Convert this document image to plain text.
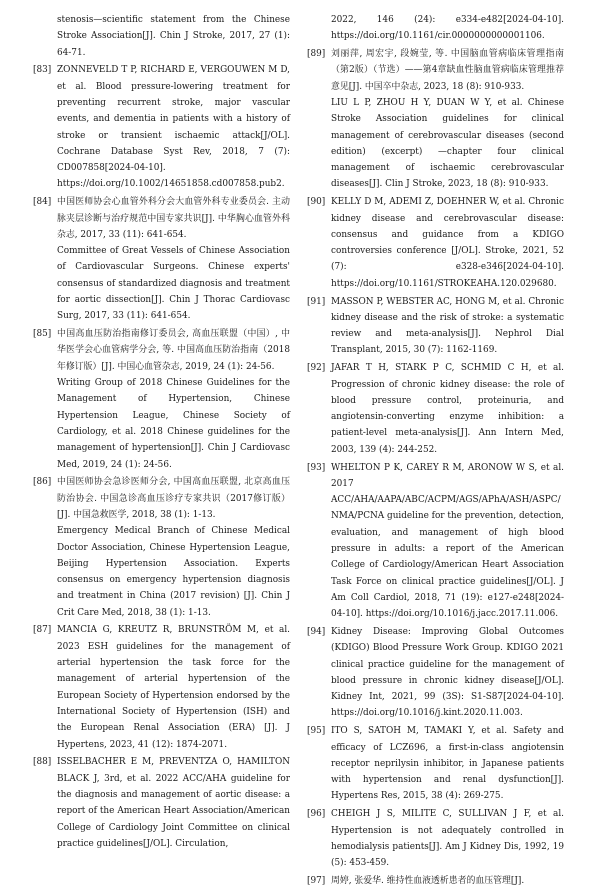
stenosis—scientific statement from the Chinese Stroke Association[J]. Chin J Stroke, 2017, 27 (1): 64-71.
[83] ZONNEVELD T P, RICHARD E, VERGOUWEN M D, et al. Blood pressure-lowering treatment for preventing recurrent stroke, major vascular events, and dementia in patients with a history of stroke or transient ischaemic attack[J/OL]. Cochrane Database Syst Rev, 2018, 7 (7): CD007858[2024-04-10]. https://doi.org/10.1002/14651858.cd007858.pub2.
[84] 中国医师协会心血管外科分会大血管外科专业委员会. 主动脉夹层诊断与治疗规范中国专家共识[J]. 中华胸心血管外科杂志, 2017, 33 (11): 641-654.
Committee of Great Vessels of Chinese Association of Cardiovascular Surgeons. Chinese experts' consensus of standardized diagnosis and treatment for aortic dissection[J]. Chin J Thorac Cardiovasc Surg, 2017, 33 (11): 641-654.
[85] 中国高血压防治指南修订委员会, 高血压联盟（中国）, 中华医学会心血管病学分会, 等. 中国高血压防治指南（2018年修订版）[J]. 中国心血管杂志, 2019, 24 (1): 24-56.
Writing Group of 2018 Chinese Guidelines for the Management of Hypertension, Chinese Hypertension League, Chinese Society of Cardiology, et al. 2018 Chinese guidelines for the management of hypertension[J]. Chin J Cardiovasc Med, 2019, 24 (1): 24-56.
[86] 中国医师协会急诊医师分会, 中国高血压联盟, 北京高血压防治协会. 中国急诊高血压诊疗专家共识（2017修订版）[J]. 中国急救医学, 2018, 38 (1): 1-13.
Emergency Medical Branch of Chinese Medical Doctor Association, Chinese Hypertension League, Beijing Hypertension Association. Experts consensus on emergency hypertension diagnosis and treatment in China (2017 revision) [J]. Chin J Crit Care Med, 2018, 38 (1): 1-13.
[87] MANCIA G, KREUTZ R, BRUNSTRÖM M, et al. 2023 ESH guidelines for the management of arterial hypertension the task force for the management of arterial hypertension of the European Society of Hypertension endorsed by the International Society of Hypertension (ISH) and the European Renal Association (ERA) [J]. J Hypertens, 2023, 41 (12): 1874-2071.
[88] ISSELBACHER E M, PREVENTZA O, HAMILTON BLACK J, 3rd, et al. 2022 ACC/AHA guideline for the diagnosis and management of aortic disease: a report of the American Heart Association/American College of Cardiology Joint Committee on clinical practice guidelines[J/OL]. Circulation,
2022, 146 (24): e334-e482[2024-04-10]. https://doi.org/10.1161/cir.0000000000001106.
[89] 刘丽萍, 周宏宇, 段婉莹, 等. 中国脑血管病临床管理指南（第2版）（节选）——第4章缺血性脑血管病临床管理推荐意见[J]. 中国卒中杂志, 2023, 18 (8): 910-933.
LIU L P, ZHOU H Y, DUAN W Y, et al. Chinese Stroke Association guidelines for clinical management of cerebrovascular diseases (second edition) (excerpt) —chapter four clinical management of ischaemic cerebrovascular diseases[J]. Clin J Stroke, 2023, 18 (8): 910-933.
[90] KELLY D M, ADEMI Z, DOEHNER W, et al. Chronic kidney disease and cerebrovascular disease: consensus and guidance from a KDIGO controversies conference [J/OL]. Stroke, 2021, 52 (7): e328-e346[2024-04-10]. https://doi.org/10.1161/STROKEAHA.120.029680.
[91] MASSON P, WEBSTER AC, HONG M, et al. Chronic kidney disease and the risk of stroke: a systematic review and meta-analysis[J]. Nephrol Dial Transplant, 2015, 30 (7): 1162-1169.
[92] JAFAR T H, STARK P C, SCHMID C H, et al. Progression of chronic kidney disease: the role of blood pressure control, proteinuria, and angiotensin-converting enzyme inhibition: a patient-level meta-analysis[J]. Ann Intern Med, 2003, 139 (4): 244-252.
[93] WHELTON P K, CAREY R M, ARONOW W S, et al. 2017 ACC/AHA/AAPA/ABC/ACPM/AGS/APhA/ASH/ASPC/NMA/PCNA guideline for the prevention, detection, evaluation, and management of high blood pressure in adults: a report of the American College of Cardiology/American Heart Association Task Force on clinical practice guidelines[J/OL]. J Am Coll Cardiol, 2018, 71 (19): e127-e248[2024-04-10]. https://doi.org/10.1016/j.jacc.2017.11.006.
[94] Kidney Disease: Improving Global Outcomes (KDIGO) Blood Pressure Work Group. KDIGO 2021 clinical practice guideline for the management of blood pressure in chronic kidney disease[J/OL]. Kidney Int, 2021, 99 (3S): S1-S87[2024-04-10]. https://doi.org/10.1016/j.kint.2020.11.003.
[95] ITO S, SATOH M, TAMAKI Y, et al. Safety and efficacy of LCZ696, a first-in-class angiotensin receptor neprilysin inhibitor, in Japanese patients with hypertension and renal dysfunction[J]. Hypertens Res, 2015, 38 (4): 269-275.
[96] CHEIGH J S, MILITE C, SULLIVAN J F, et al. Hypertension is not adequately controlled in hemodialysis patients[J]. Am J Kidney Dis, 1992, 19 (5): 453-459.
[97] 周婷, 张爱华. 维持性血液透析患者的血压管理[J].
